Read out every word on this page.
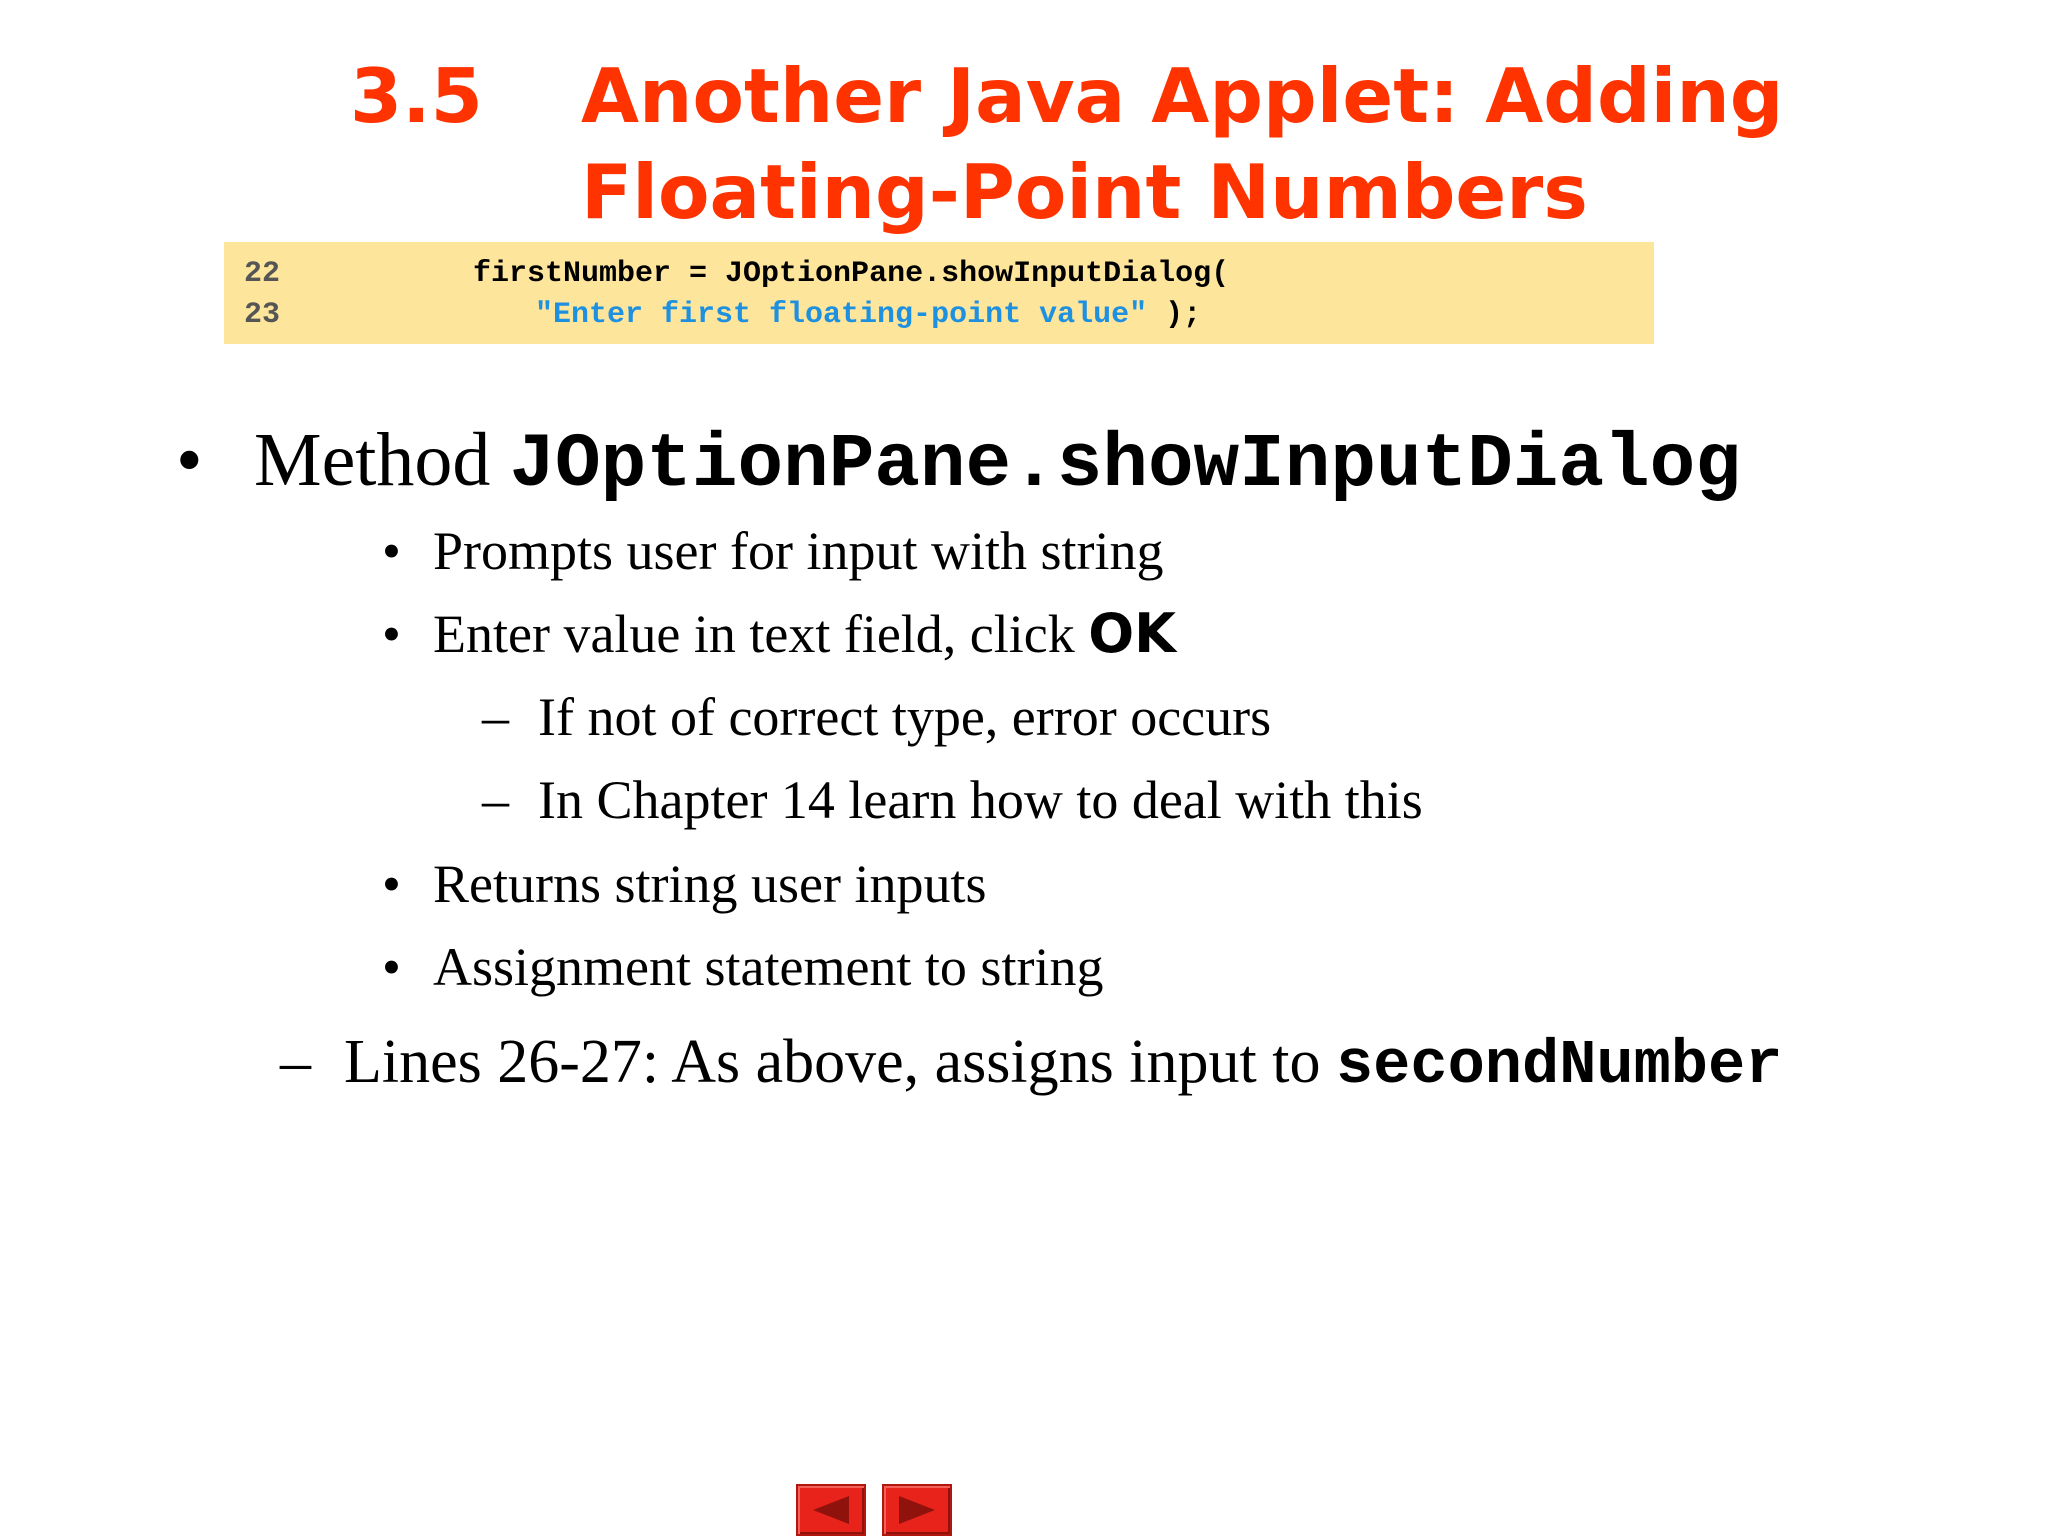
3.5 Another Java Applet: Adding
Floating-Point Numbers

22

	firstNumber = JOptionPane.showInputDialog(

23

	"Enter first floating-point value" );

• Method JOptionPane.showInputDialog
• Prompts user for input with string
• Enter value in text field, click OK
– If not of correct type, error occurs
– In Chapter 14 learn how to deal with this
• Returns string user inputs
• Assignment statement to string
– Lines 26-27: As above, assigns input to secondNumber
